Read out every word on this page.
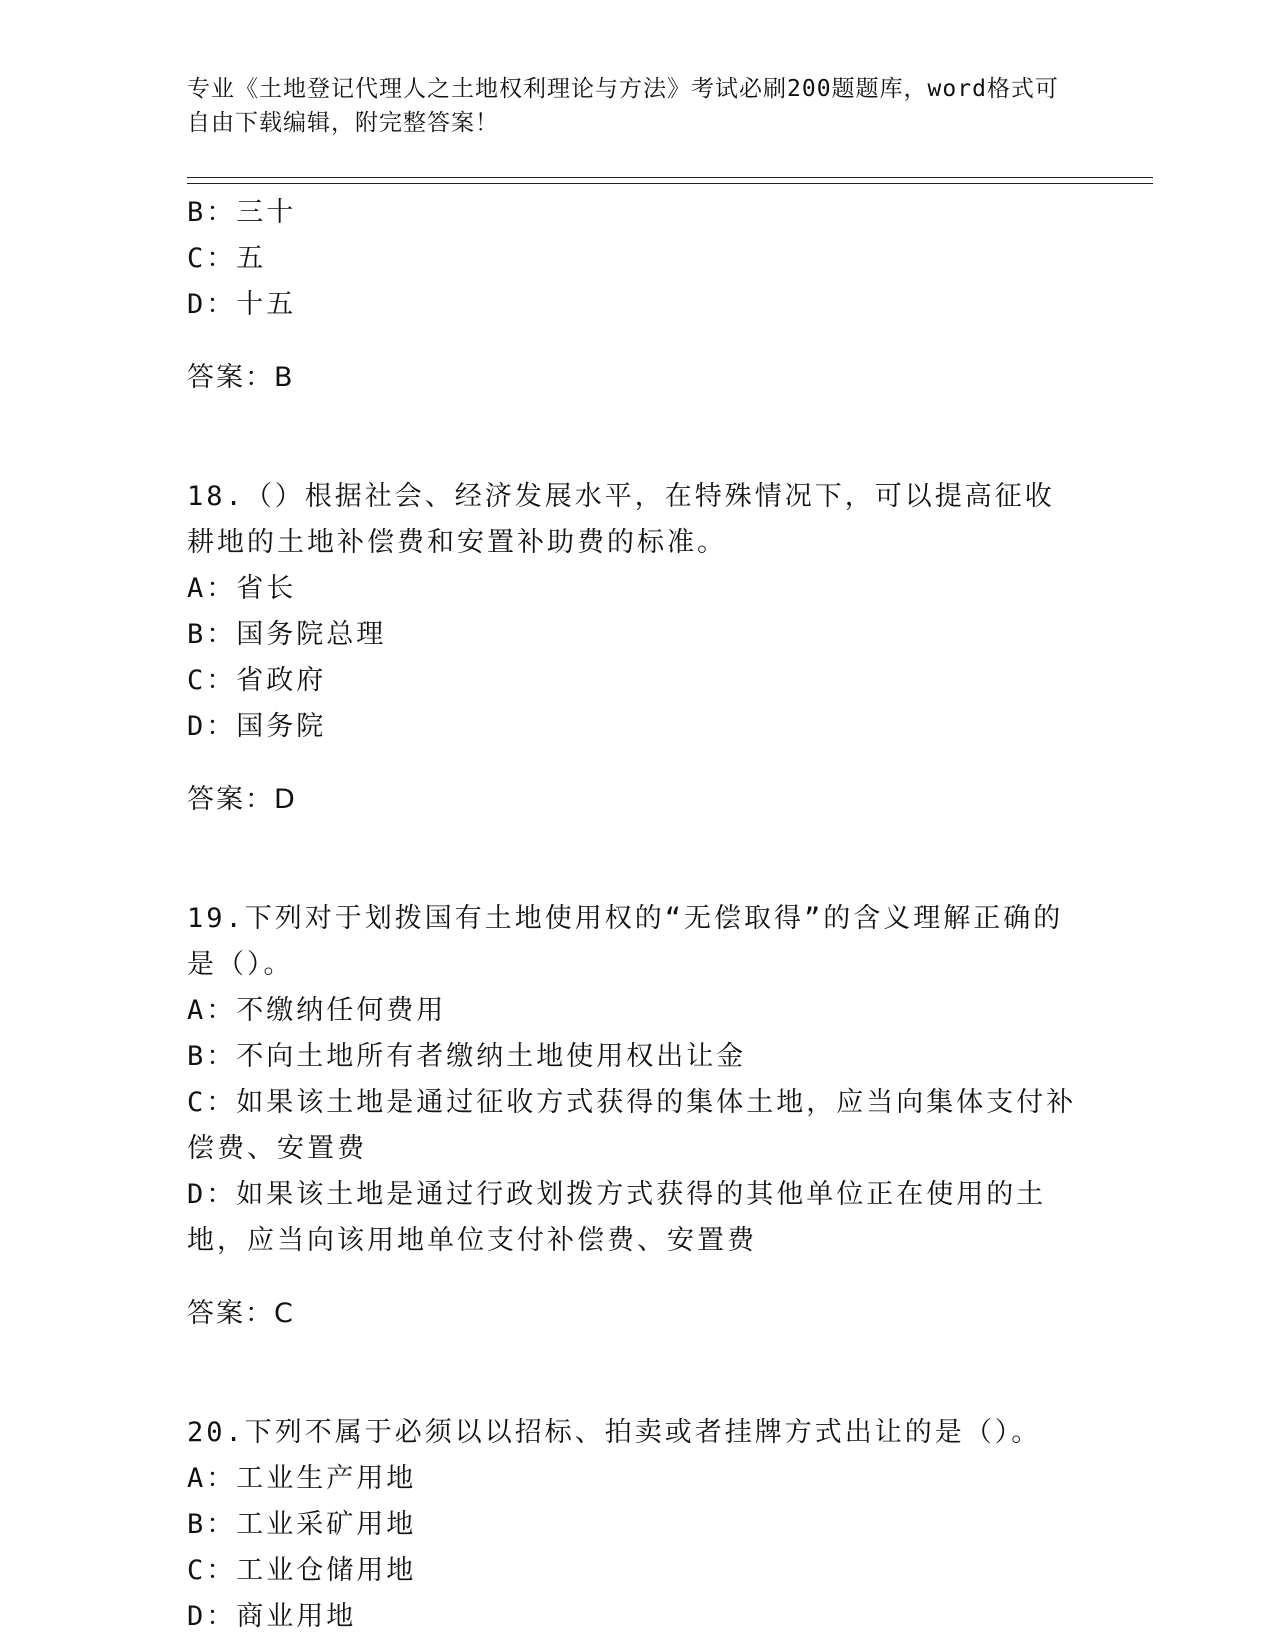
专业《土地登记代理人之土地权利理论与方法》考试必刷200题题库，word格式可自由下载编辑，附完整答案！

B：三十

C：五

D：十五

答案：B

18.（）根据社会、经济发展水平，在特殊情况下，可以提高征收耕地的土地补偿费和安置补助费的标准。

A：省长

B：国务院总理

C：省政府

D：国务院

答案：D

19.下列对于划拨国有土地使用权的“无偿取得”的含义理解正确的是（）。

A：不缴纳任何费用

B：不向土地所有者缴纳土地使用权出让金

C：如果该土地是通过征收方式获得的集体土地，应当向集体支付补偿费、安置费

D：如果该土地是通过行政划拨方式获得的其他单位正在使用的土地，应当向该用地单位支付补偿费、安置费

答案：C

20.下列不属于必须以以招标、拍卖或者挂牌方式出让的是（）。

A：工业生产用地

B：工业采矿用地

C：工业仓储用地

D：商业用地
